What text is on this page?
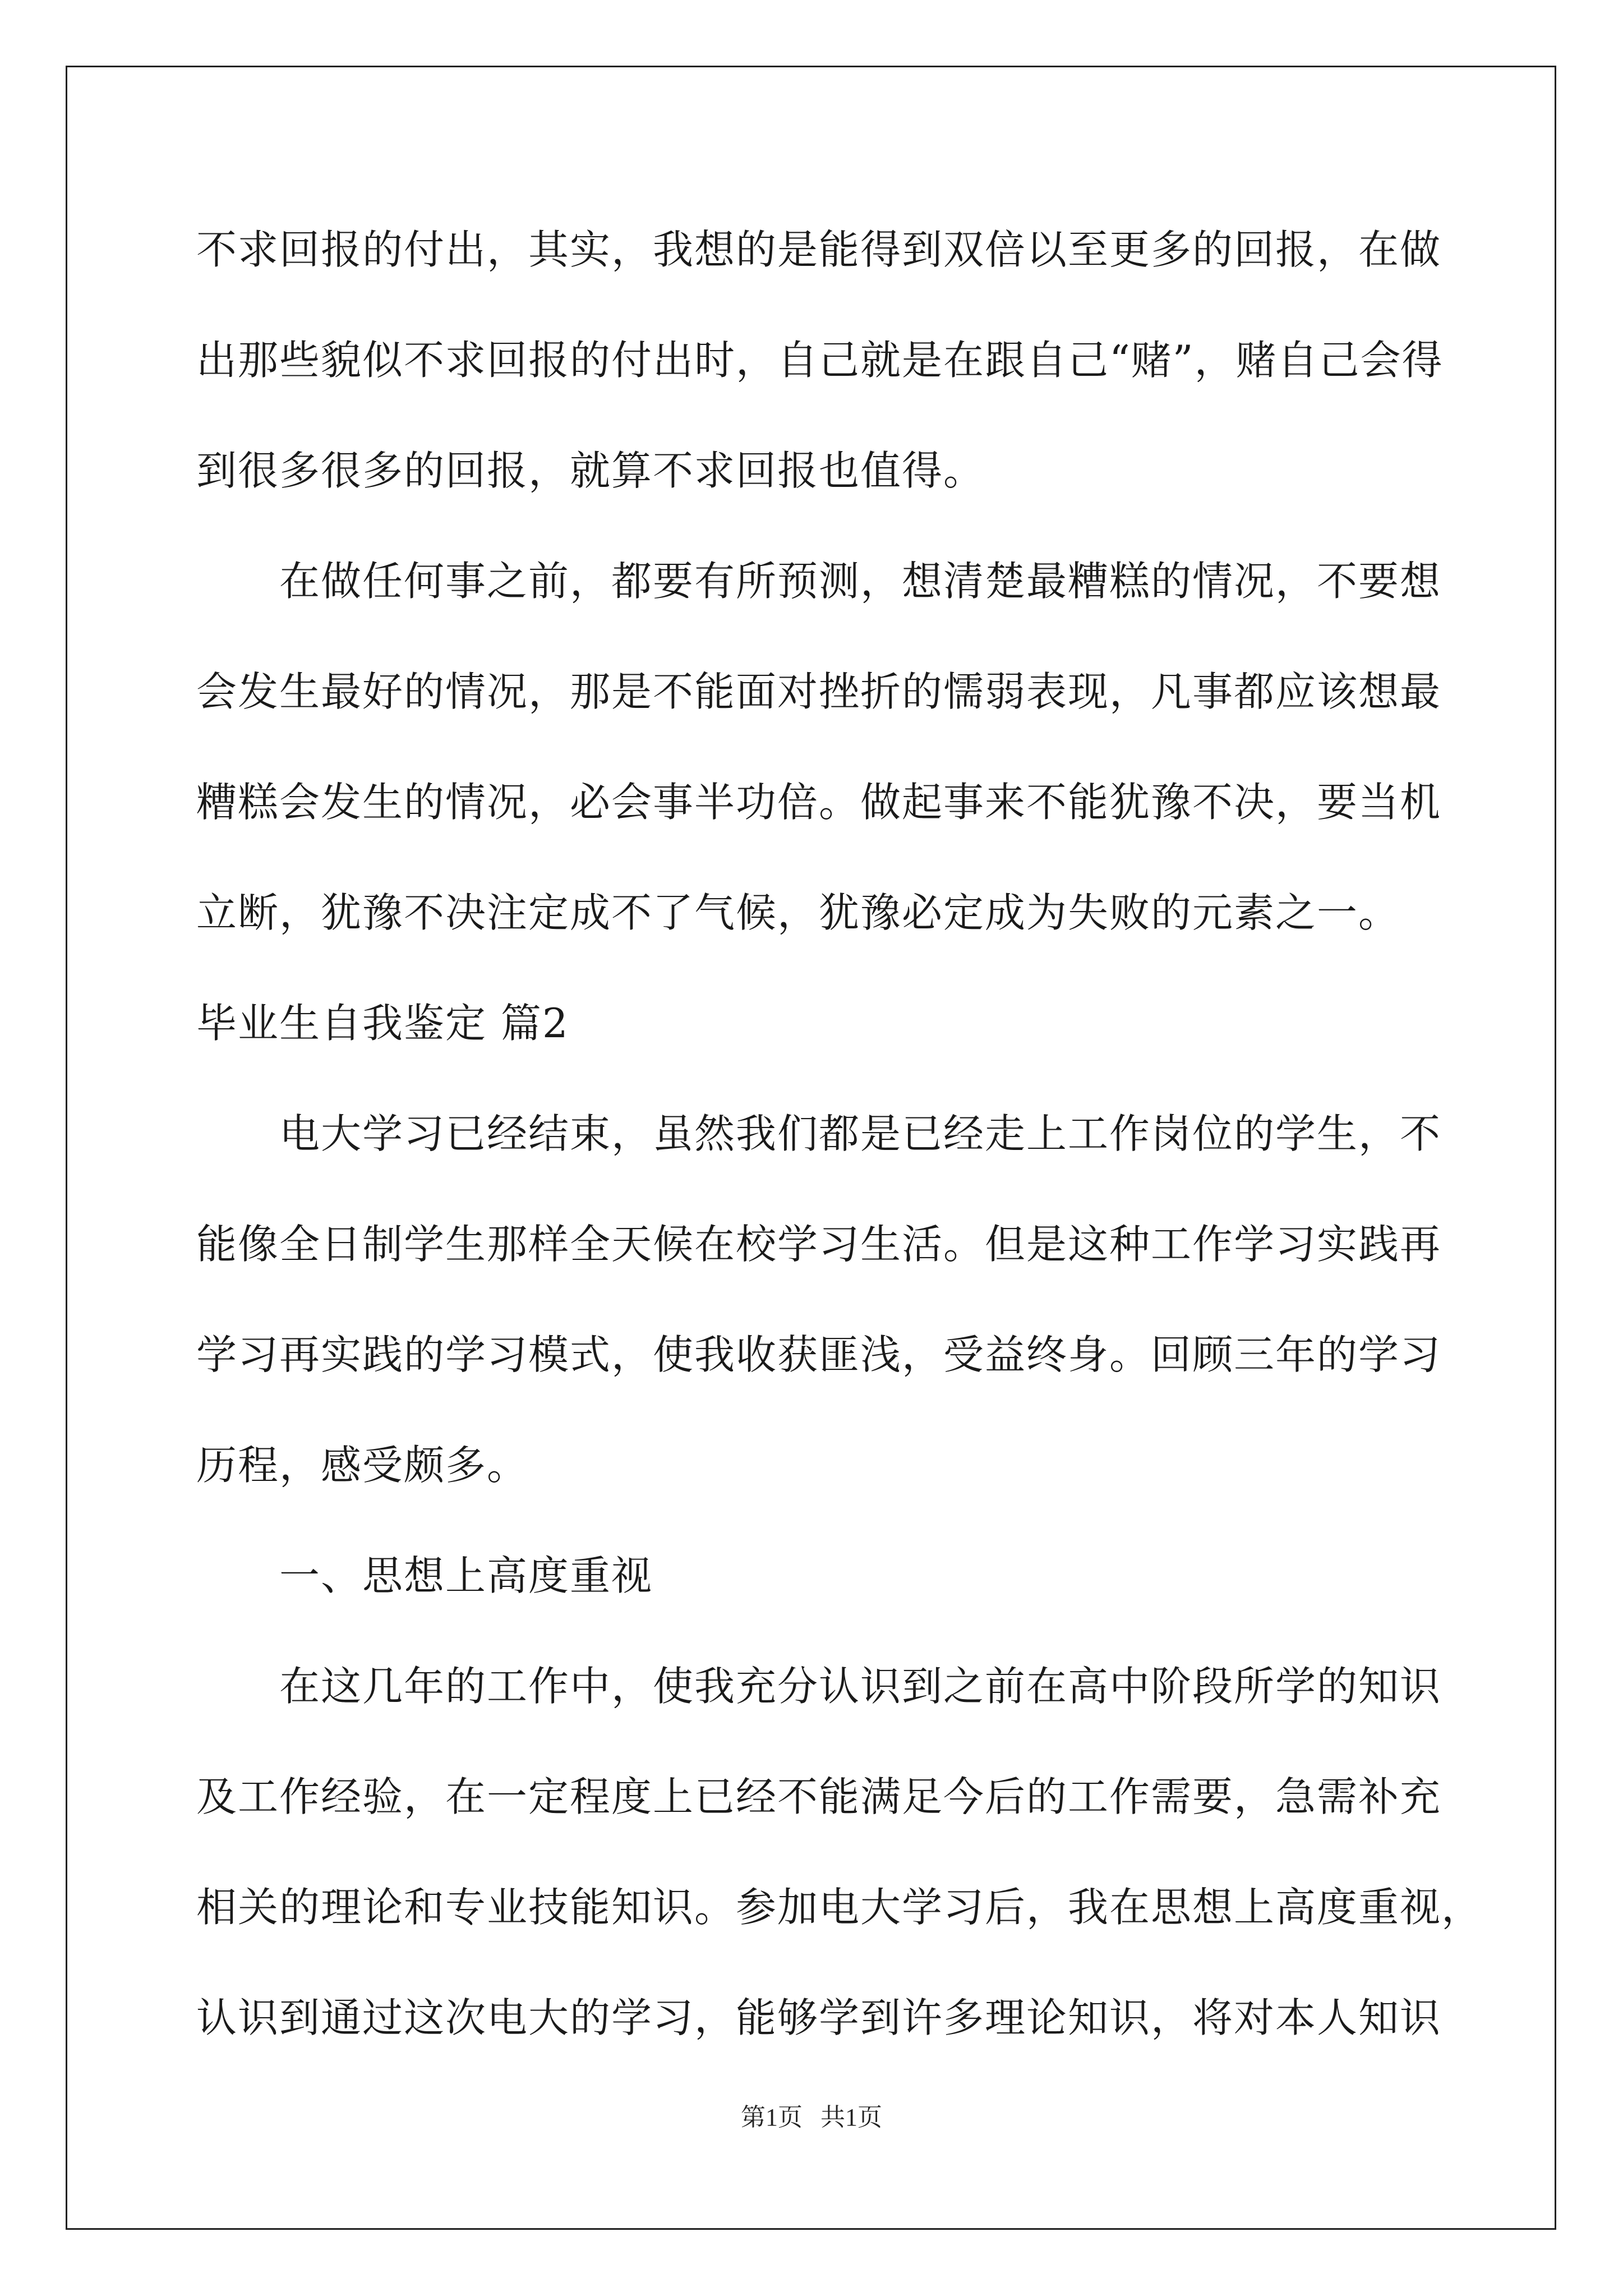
不求回报的付出，其实，我想的是能得到双倍以至更多的回报，在做
出那些貌似不求回报的付出时，自己就是在跟自己“赌”，赌自己会得
到很多很多的回报，就算不求回报也值得。
　　在做任何事之前，都要有所预测，想清楚最糟糕的情况，不要想
会发生最好的情况，那是不能面对挫折的懦弱表现，凡事都应该想最
糟糕会发生的情况，必会事半功倍。做起事来不能犹豫不决，要当机
立断，犹豫不决注定成不了气候，犹豫必定成为失败的元素之一。
毕业生自我鉴定 篇2
　　电大学习已经结束，虽然我们都是已经走上工作岗位的学生，不
能像全日制学生那样全天候在校学习生活。但是这种工作学习实践再
学习再实践的学习模式，使我收获匪浅，受益终身。回顾三年的学习
历程，感受颇多。
　　一、思想上高度重视
　　在这几年的工作中，使我充分认识到之前在高中阶段所学的知识
及工作经验，在一定程度上已经不能满足今后的工作需要，急需补充
相关的理论和专业技能知识。参加电大学习后，我在思想上高度重视，
认识到通过这次电大的学习，能够学到许多理论知识，将对本人知识
第1页 共1页
